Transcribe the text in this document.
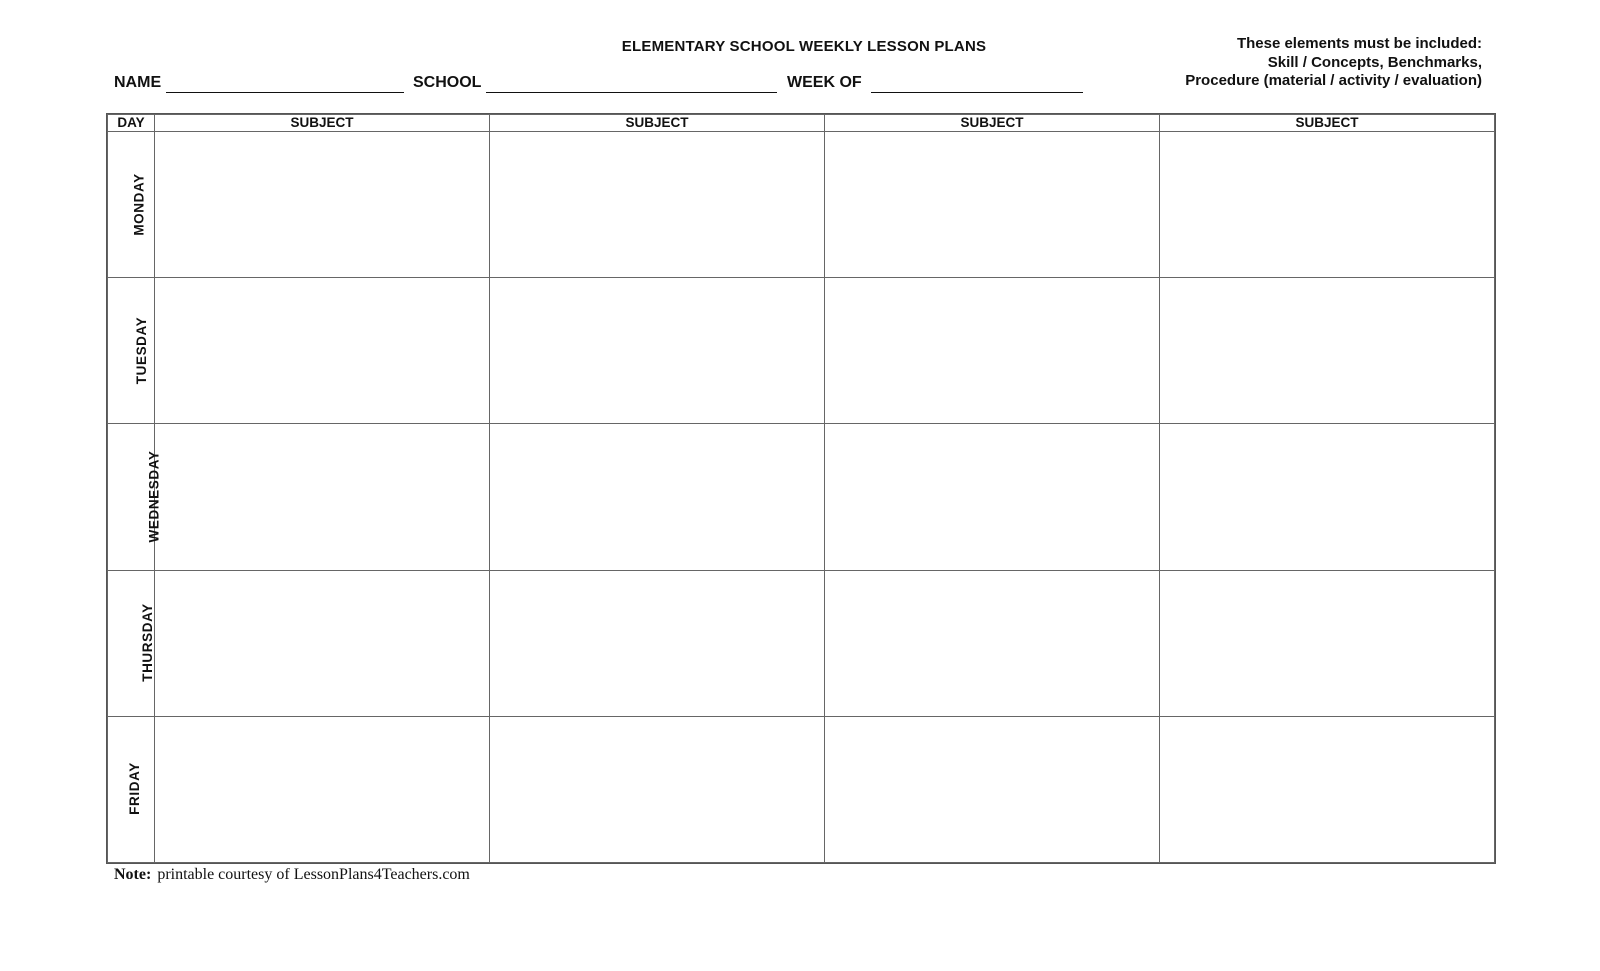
ELEMENTARY SCHOOL WEEKLY LESSON PLANS
NAME	SCHOOL	WEEK OF
These elements must be included:
Skill / Concepts, Benchmarks,
Procedure (material / activity / evaluation)
DAY	SUBJECT	SUBJECT	SUBJECT	SUBJECT
MONDAY				
TUESDAY				
WEDNESDAY				
THURSDAY				
FRIDAY				
Note: printable courtesy of LessonPlans4Teachers.com
